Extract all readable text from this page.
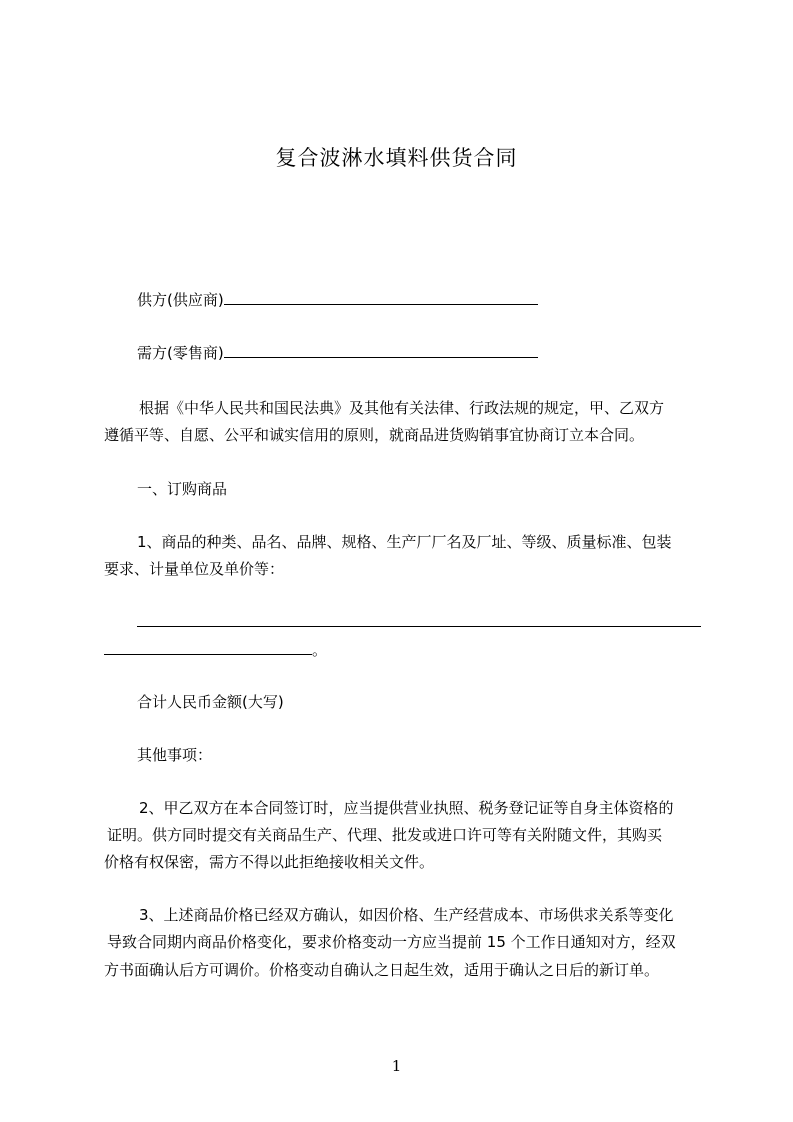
复合波淋水填料供货合同
供方(供应商)
需方(零售商)
根据《中华人民共和国民法典》及其他有关法律、行政法规的规定，甲、乙双方
遵循平等、自愿、公平和诚实信用的原则，就商品进货购销事宜协商订立本合同。
一、订购商品
1、商品的种类、品名、品牌、规格、生产厂厂名及厂址、等级、质量标准、包装
要求、计量单位及单价等：
。
合计人民币金额(大写)
其他事项：
2、甲乙双方在本合同签订时，应当提供营业执照、税务登记证等自身主体资格的
证明。供方同时提交有关商品生产、代理、批发或进口许可等有关附随文件，其购买
价格有权保密，需方不得以此拒绝接收相关文件。
3、上述商品价格已经双方确认，如因价格、生产经营成本、市场供求关系等变化
导致合同期内商品价格变化，要求价格变动一方应当提前 15 个工作日通知对方，经双
方书面确认后方可调价。价格变动自确认之日起生效，适用于确认之日后的新订单。
1
